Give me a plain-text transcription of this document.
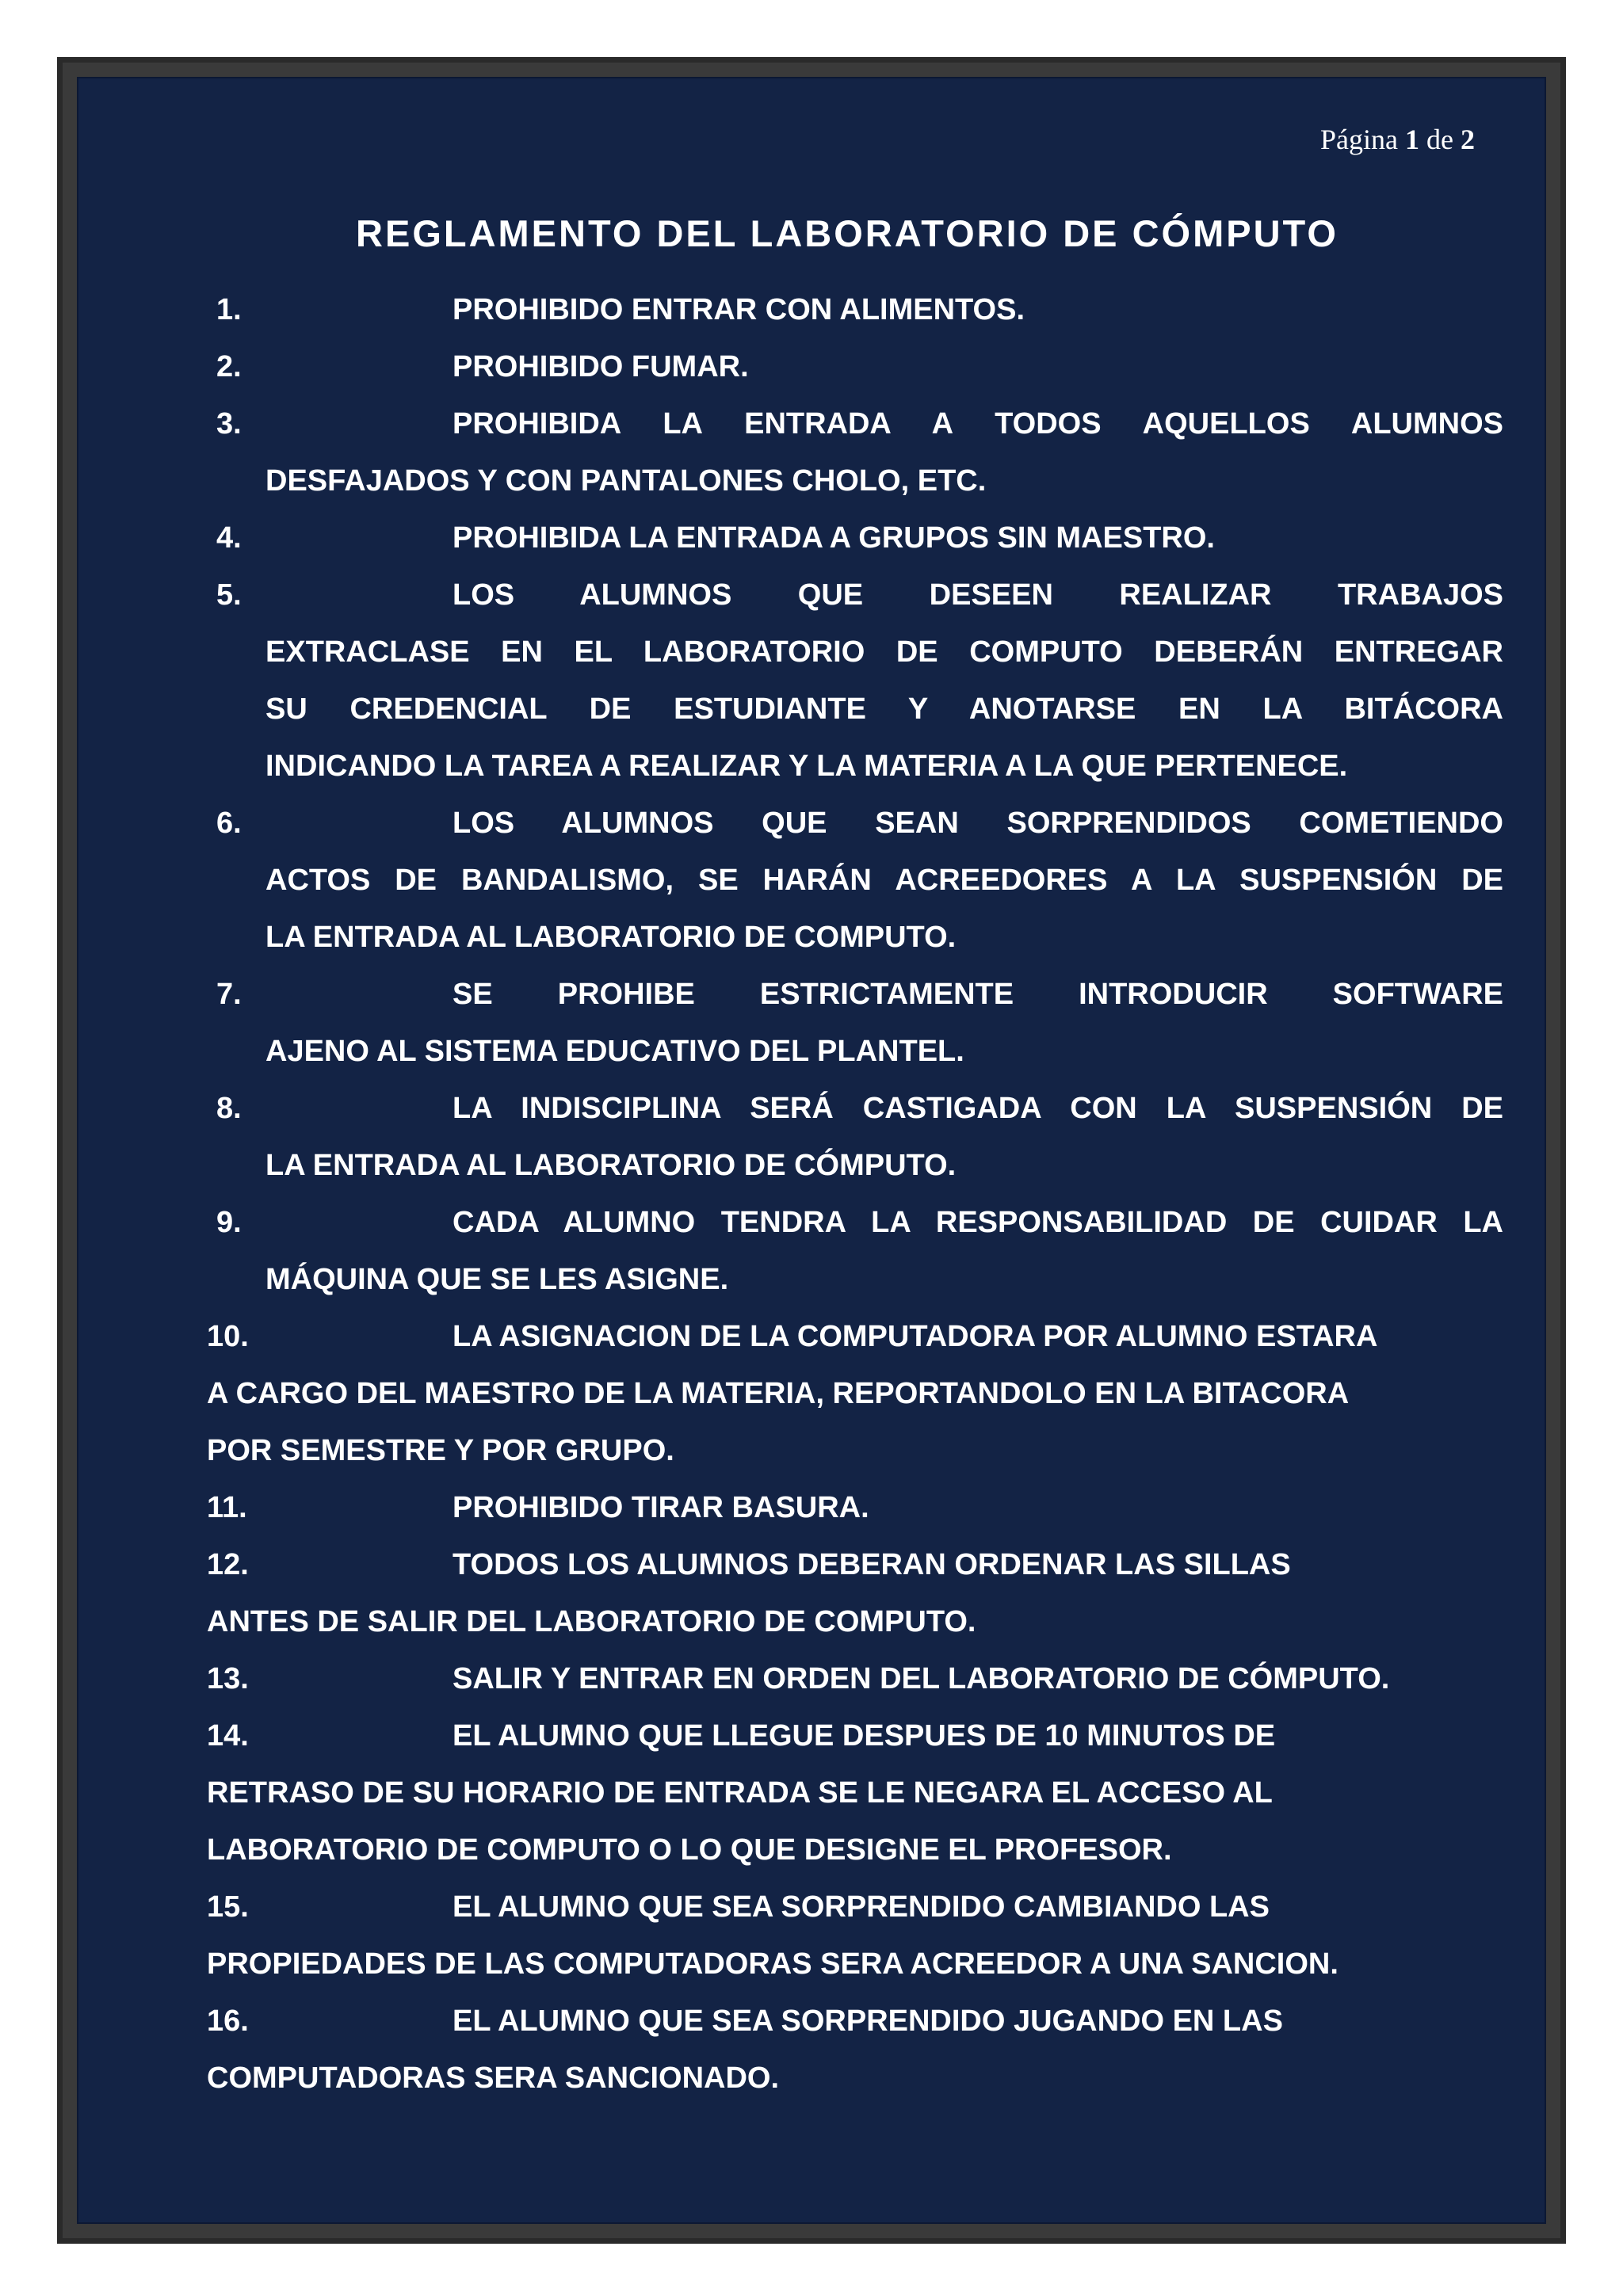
Página 1 de 2
REGLAMENTO DEL LABORATORIO DE CÓMPUTO
1.	PROHIBIDO ENTRAR CON ALIMENTOS.
2.	PROHIBIDO FUMAR.
3.	PROHIBIDA LA ENTRADA A TODOS AQUELLOS ALUMNOS
DESFAJADOS Y CON PANTALONES CHOLO, ETC.
4.	PROHIBIDA LA ENTRADA A GRUPOS SIN MAESTRO.
5.	LOS ALUMNOS QUE DESEEN REALIZAR TRABAJOS
EXTRACLASE EN EL LABORATORIO DE COMPUTO DEBERÁN ENTREGAR
SU CREDENCIAL DE ESTUDIANTE Y ANOTARSE EN LA BITÁCORA
INDICANDO LA TAREA A REALIZAR Y LA MATERIA A LA QUE PERTENECE.
6.	LOS ALUMNOS QUE SEAN SORPRENDIDOS COMETIENDO
ACTOS DE BANDALISMO, SE HARÁN ACREEDORES A LA SUSPENSIÓN DE
LA ENTRADA AL LABORATORIO DE COMPUTO.
7.	SE PROHIBE ESTRICTAMENTE INTRODUCIR SOFTWARE
AJENO AL SISTEMA EDUCATIVO DEL PLANTEL.
8.	LA INDISCIPLINA SERÁ CASTIGADA CON LA SUSPENSIÓN DE
LA ENTRADA AL LABORATORIO DE CÓMPUTO.
9.	CADA ALUMNO TENDRA LA RESPONSABILIDAD DE CUIDAR LA
MÁQUINA QUE SE LES ASIGNE.
10.	LA ASIGNACION DE LA COMPUTADORA POR ALUMNO ESTARA
A CARGO DEL MAESTRO DE LA MATERIA, REPORTANDOLO EN LA BITACORA
POR SEMESTRE Y POR GRUPO.
11.	PROHIBIDO TIRAR BASURA.
12.	TODOS LOS ALUMNOS DEBERAN ORDENAR LAS SILLAS
ANTES DE SALIR DEL LABORATORIO DE COMPUTO.
13.	SALIR Y ENTRAR EN ORDEN DEL LABORATORIO DE CÓMPUTO.
14.	EL ALUMNO QUE LLEGUE DESPUES DE 10 MINUTOS DE
RETRASO DE SU HORARIO DE ENTRADA SE LE NEGARA EL ACCESO AL
LABORATORIO DE COMPUTO O LO QUE DESIGNE EL PROFESOR.
15.	EL ALUMNO QUE SEA SORPRENDIDO CAMBIANDO LAS
PROPIEDADES DE LAS COMPUTADORAS SERA ACREEDOR A UNA SANCION.
16.	EL ALUMNO QUE SEA SORPRENDIDO JUGANDO EN LAS
COMPUTADORAS SERA SANCIONADO.
